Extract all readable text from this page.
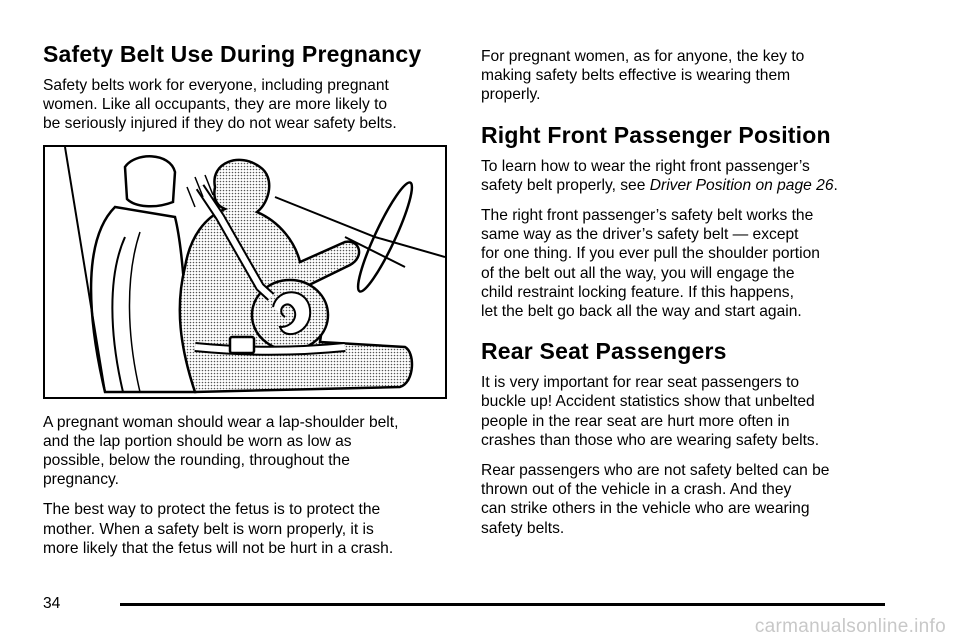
Safety Belt Use During Pregnancy

Safety belts work for everyone, including pregnant
women. Like all occupants, they are more likely to
be seriously injured if they do not wear safety belts.

A pregnant woman should wear a lap-shoulder belt,
and the lap portion should be worn as low as
possible, below the rounding, throughout the
pregnancy.

The best way to protect the fetus is to protect the
mother. When a safety belt is worn properly, it is
more likely that the fetus will not be hurt in a crash.

For pregnant women, as for anyone, the key to
making safety belts effective is wearing them
properly.

Right Front Passenger Position

To learn how to wear the right front passenger’s
safety belt properly, see Driver Position on page 26.

The right front passenger’s safety belt works the
same way as the driver’s safety belt — except
for one thing. If you ever pull the shoulder portion
of the belt out all the way, you will engage the
child restraint locking feature. If this happens,
let the belt go back all the way and start again.

Rear Seat Passengers

It is very important for rear seat passengers to
buckle up! Accident statistics show that unbelted
people in the rear seat are hurt more often in
crashes than those who are wearing safety belts.

Rear passengers who are not safety belted can be
thrown out of the vehicle in a crash. And they
can strike others in the vehicle who are wearing
safety belts.

34
carmanualsonline.info
